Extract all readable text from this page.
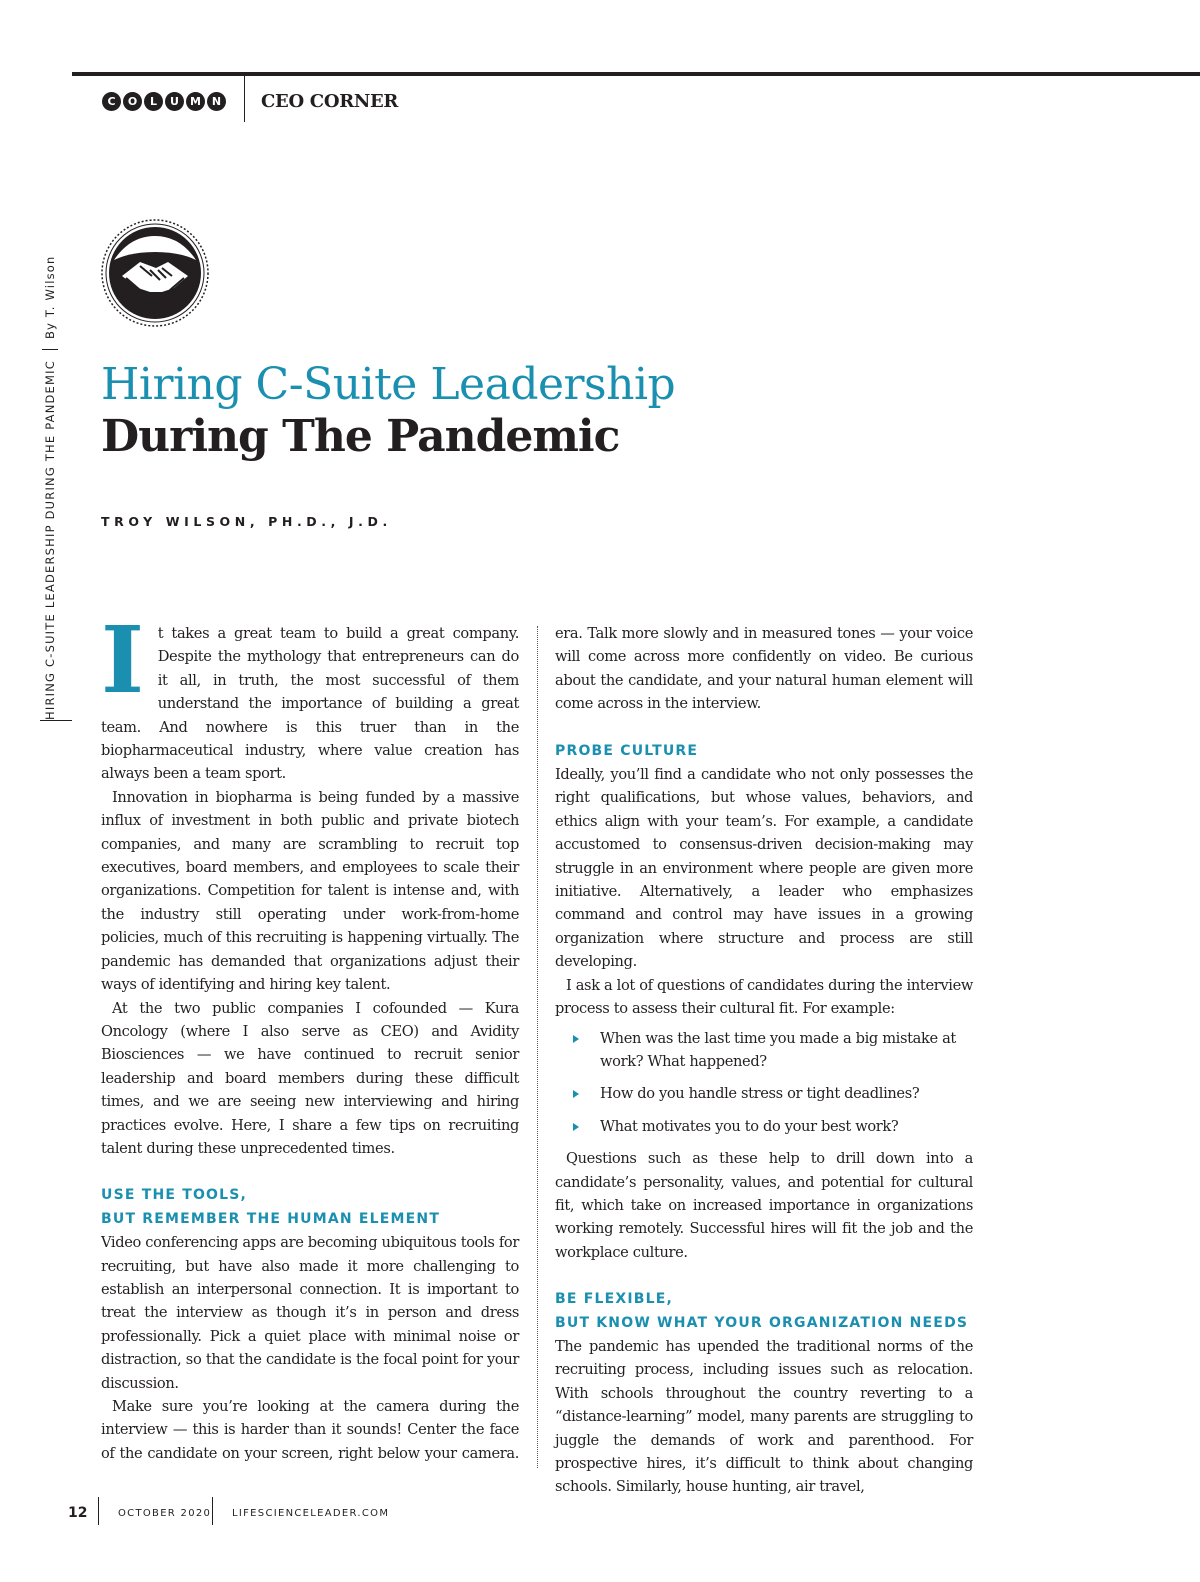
C	O	L	U	M N CEO CORNER
HIRING C-SUITE LEADERSHIP DURING THE PANDEMIC
By T. Wilson
Hiring C-Suite Leadership
During The Pandemic
TROY WILSON, PH.D., J.D.

It takes a great team to build a great company. Despite the mythology that entrepreneurs can do it all, in truth, the most successful of them understand the importance of building a great team. And nowhere is this truer than in the biopharmaceutical industry, where value creation has always been a team sport.

Innovation in biopharma is being funded by a massive influx of investment in both public and private biotech companies, and many are scrambling to recruit top executives, board members, and employees to scale their organizations. Competition for talent is intense and, with the industry still operating under work-from-home policies, much of this recruiting is happening virtually. The pandemic has demanded that organizations adjust their ways of identifying and hiring key talent.

At the two public companies I cofounded — Kura Oncology (where I also serve as CEO) and Avidity Biosciences — we have continued to recruit senior leadership and board members during these difficult times, and we are seeing new interviewing and hiring practices evolve. Here, I share a few tips on recruiting talent during these unprecedented times.

USE THE TOOLS,
BUT REMEMBER THE HUMAN ELEMENT

Video conferencing apps are becoming ubiquitous tools for recruiting, but have also made it more challenging to establish an interpersonal connection. It is important to treat the interview as though it’s in person and dress professionally. Pick a quiet place with minimal noise or distraction, so that the candidate is the focal point for your discussion.

Make sure you’re looking at the camera during the interview — this is harder than it sounds! Center the face of the candidate on your screen, right below your camera.

era. Talk more slowly and in measured tones — your voice will come across more confidently on video. Be curious about the candidate, and your natural human element will come across in the interview.

PROBE CULTURE

Ideally, you’ll find a candidate who not only possesses the right qualifications, but whose values, behaviors, and ethics align with your team’s. For example, a candidate accustomed to consensus-driven decision-making may struggle in an environment where people are given more initiative. Alternatively, a leader who emphasizes command and control may have issues in a growing organization where structure and process are still developing.

I ask a lot of questions of candidates during the interview process to assess their cultural fit. For example:

When was the last time you made a big mistake at work? What happened?
How do you handle stress or tight deadlines?
What motivates you to do your best work?

Questions such as these help to drill down into a candidate’s personality, values, and potential for cultural fit, which take on increased importance in organizations working remotely. Successful hires will fit the job and the workplace culture.

BE FLEXIBLE,
BUT KNOW WHAT YOUR ORGANIZATION NEEDS

The pandemic has upended the traditional norms of the recruiting process, including issues such as relocation. With schools throughout the country reverting to a “distance-learning” model, many parents are struggling to juggle the demands of work and parenthood. For prospective hires, it’s difficult to think about changing schools. Similarly, house hunting, air travel,

12	OCTOBER 2020 LIFESCIENCELEADER.COM
